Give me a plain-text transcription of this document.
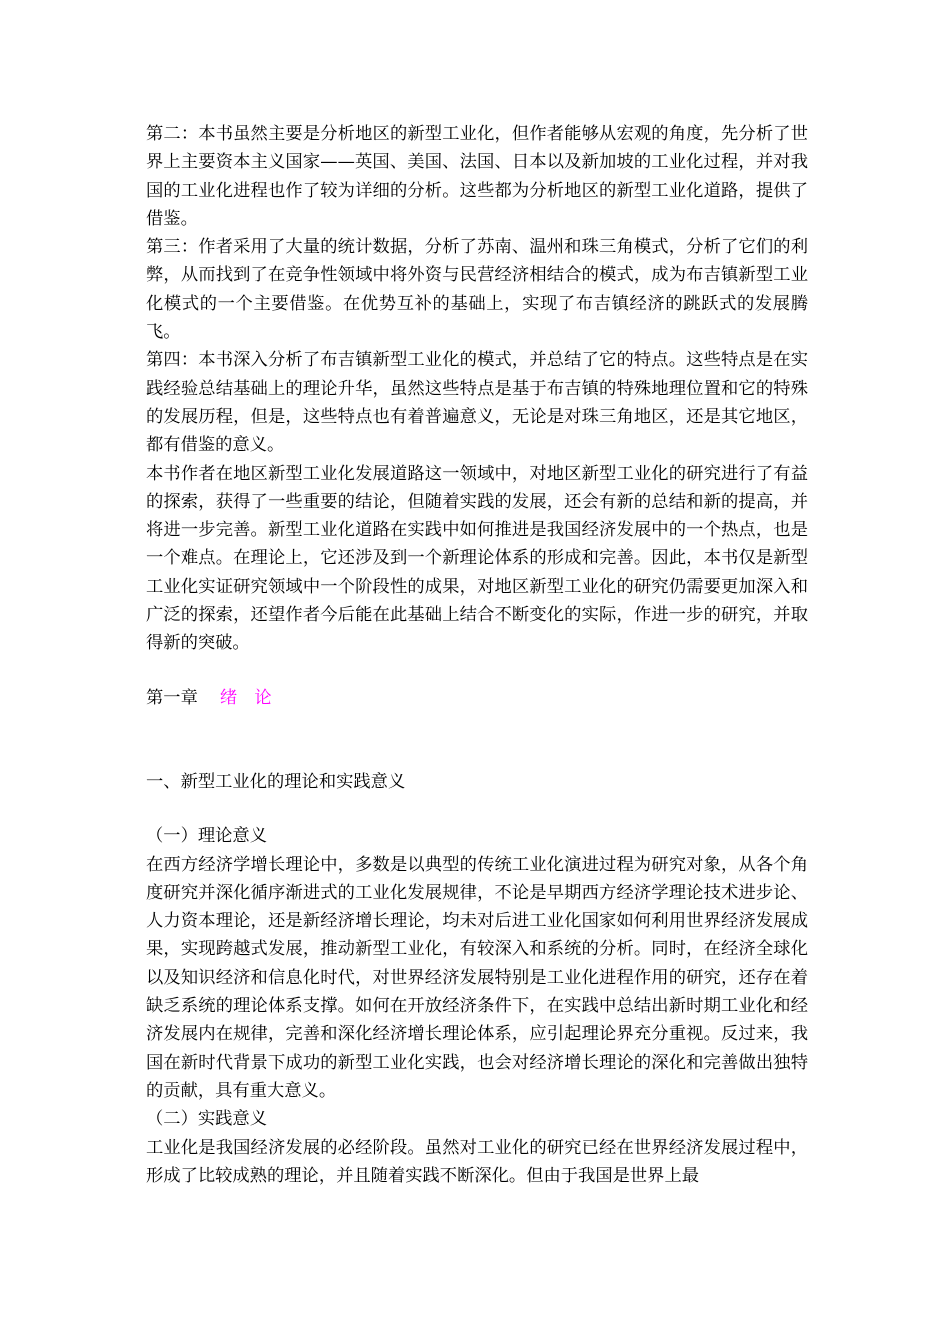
第二：本书虽然主要是分析地区的新型工业化，但作者能够从宏观的角度，先分析了世界上主要资本主义国家——英国、美国、法国、日本以及新加坡的工业化过程，并对我国的工业化进程也作了较为详细的分析。这些都为分析地区的新型工业化道路，提供了借鉴。

第三：作者采用了大量的统计数据，分析了苏南、温州和珠三角模式，分析了它们的利弊，从而找到了在竞争性领域中将外资与民营经济相结合的模式，成为布吉镇新型工业化模式的一个主要借鉴。在优势互补的基础上，实现了布吉镇经济的跳跃式的发展腾飞。

第四：本书深入分析了布吉镇新型工业化的模式，并总结了它的特点。这些特点是在实践经验总结基础上的理论升华，虽然这些特点是基于布吉镇的特殊地理位置和它的特殊的发展历程，但是，这些特点也有着普遍意义，无论是对珠三角地区，还是其它地区，都有借鉴的意义。

本书作者在地区新型工业化发展道路这一领域中，对地区新型工业化的研究进行了有益的探索，获得了一些重要的结论，但随着实践的发展，还会有新的总结和新的提高，并将进一步完善。新型工业化道路在实践中如何推进是我国经济发展中的一个热点，也是一个难点。在理论上，它还涉及到一个新理论体系的形成和完善。因此，本书仅是新型工业化实证研究领域中一个阶段性的成果，对地区新型工业化的研究仍需要更加深入和广泛的探索，还望作者今后能在此基础上结合不断变化的实际，作进一步的研究，并取得新的突破。

第一章 绪　论

一、新型工业化的理论和实践意义

（一）理论意义

在西方经济学增长理论中，多数是以典型的传统工业化演进过程为研究对象，从各个角度研究并深化循序渐进式的工业化发展规律，不论是早期西方经济学理论技术进步论、人力资本理论，还是新经济增长理论，均未对后进工业化国家如何利用世界经济发展成果，实现跨越式发展，推动新型工业化，有较深入和系统的分析。同时，在经济全球化以及知识经济和信息化时代，对世界经济发展特别是工业化进程作用的研究，还存在着缺乏系统的理论体系支撑。如何在开放经济条件下，在实践中总结出新时期工业化和经济发展内在规律，完善和深化经济增长理论体系，应引起理论界充分重视。反过来，我国在新时代背景下成功的新型工业化实践，也会对经济增长理论的深化和完善做出独特的贡献，具有重大意义。

（二）实践意义

工业化是我国经济发展的必经阶段。虽然对工业化的研究已经在世界经济发展过程中，形成了比较成熟的理论，并且随着实践不断深化。但由于我国是世界上最
